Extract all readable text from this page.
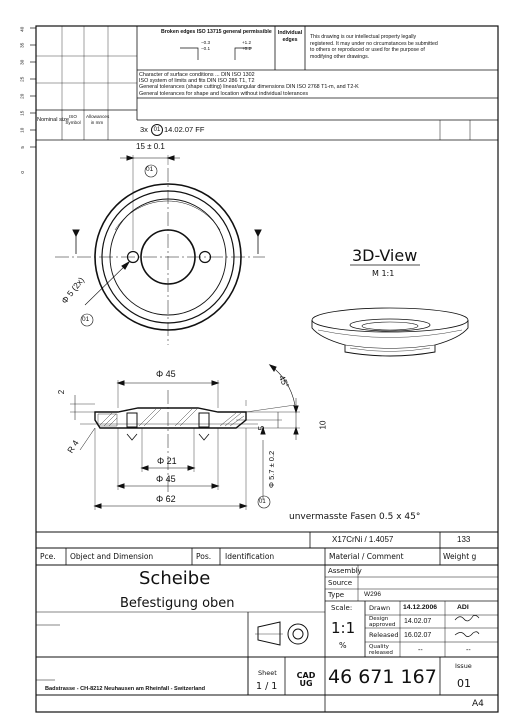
0
5
10
15
20
25
30
35
40	Broken edges ISO 13715 general permissible
−0.3
−0.1
+1.2
+0.2
Individual edges	This drawing is our intellectual property legally
registered. It may under no circumstances be submitted
to others or reproduced or used for the purpose of
modifying other drawings.
Character of surface conditions ... DIN ISO 1302
ISO system of limits and fits DIN ISO 286 T1, T2
General tolerances (shape cutting) linear/angular dimensions DIN ISO 2768 T1-m, and T2-K
General tolerances for shape and location without individual tolerances
Nominal size
ISO Symbol
Allowances in mm
3x 01 14.02.07 FF
15 ± 0.1
01
Φ 5 (2x)
01
3D-View
M 1:1
Φ 45	45°
2
R 4
5	10
Φ 21
Φ 45
Φ 62
Φ 5.7 ± 0.2
01
unvermasste Fasen 0.5 x 45°
X17CrNi / 1.4057	133
Pce. Object and Dimension	Pos. Identification	Material / Comment	Weight g
Scheibe
Befestigung oben
Assembly
Source
Type	W296
Scale:
1:1
%
Drawn 14.12.2006	ADI
Design approved
14.02.07
Released 16.02.07
Quality released	--	--
Sheet
1 / 1
CAD UG 46 671 167	Issue
01
Badstrasse - CH-8212 Neuhausen am Rheinfall - Switzerland
A4
